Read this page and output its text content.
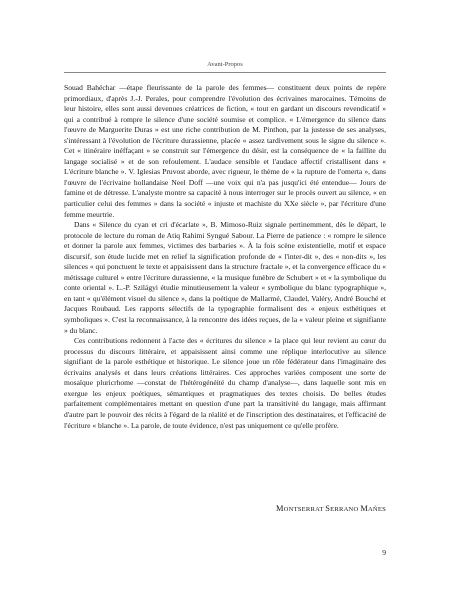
Avant-Propos

Souad Bahéchar —étape fleurissante de la parole des femmes— constituent deux points de repère primordiaux, d'après J.-J. Perales, pour comprendre l'évolution des écrivaines marocaines. Témoins de leur histoire, elles sont aussi devenues créatrices de fiction, « tout en gardant un discours revendicatif » qui a contribué à rompre le silence d'une société soumise et complice. « L'émergence du silence dans l'œuvre de Marguerite Duras » est une riche contribution de M. Pinthon, par la justesse de ses analyses, s'intéressant à l'évolution de l'écriture durassienne, placée « assez tardivement sous le signe du silence ». Cet « itinéraire inéffaçant » se construit sur l'émergence du désir, est la conséquence de « la faillite du langage socialisé » et de son refoulement. L'audace sensible et l'audace affectif cristallisent dans « L'écriture blanche ». V. Iglesias Pruvost aborde, avec rigueur, le thème de « la rupture de l'omerta », dans l'œuvre de l'écrivaine hollandaise Neel Doff —une voix qui n'a pas jusqu'ici été entendue— Jours de famine et de détresse. L'analyste montre sa capacité à nous interroger sur le procès ouvert au silence, « en particulier celui des femmes » dans la société « injuste et machiste du XXe siècle », par l'écriture d'une femme meurtrie.

Dans « Silence du cyan et cri d'écarlate », B. Mimoso-Ruiz signale pertinemment, dès le départ, le protocole de lecture du roman de Atiq Rahimi Syngué Sabour. La Pierre de patience : « rompre le silence et donner la parole aux femmes, victimes des barbaries ». À la fois scène existentielle, motif et espace discursif, son étude lucide met en relief la signification profonde de « l'inter-dit », des « non-dits », les silences « qui ponctuent le texte et appaisissent dans la structure fractale », et la convergence efficace du « métissage culturel » entre l'écriture durassienne, « la musique funèbre de Schubert » et « la symbolique du conte oriental ». L.-P. Szilágyi étudie minutieusement la valeur « symbolique du blanc typographique », en tant « qu'élément visuel du silence », dans la poétique de Mallarmé, Claudel, Valéry, André Bouché et Jacques Roubaud. Les rapports sélectifs de la typographie formalisent des « enjeux esthétiques et symboliques ». C'est la reconnaissance, à la rencontre des idées reçues, de la « valeur pleine et signifiante » du blanc.

Ces contributions redonnent à l'acte des « écritures du silence » la place qui leur revient au cœur du processus du discours littéraire, et appaisissent ainsi comme une réplique interlocutive au silence signifiant de la parole esthétique et historique. Le silence joue un rôle fédérateur dans l'imaginaire des écrivains analysés et dans leurs créations littéraires. Ces approches variées composent une sorte de mosaïque pluricrhome —constat de l'hétérogénéité du champ d'analyse—, dans laquelle sont mis en exergue les enjeux poétiques, sémantiques et pragmatiques des textes choisis. De belles études parfaitement complémentaires mettant en question d'une part la transitivité du langage, mais affirmant d'autre part le pouvoir des récits à l'égard de la réalité et de l'inscription des destinataires, et l'efficacité de l'écriture « blanche ». La parole, de toute évidence, n'est pas uniquement ce qu'elle profère.

MONTSERRAT SERRANO MAÑES
9
